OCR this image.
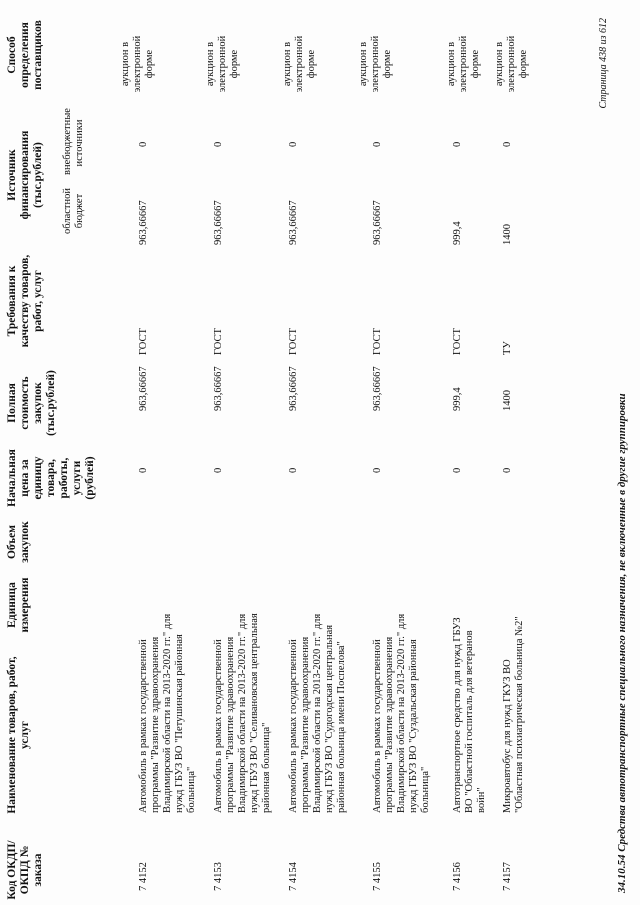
Код ОКДП/ ОКПД № заказа
Наименование товаров, работ, услуг
Единица измерения
Объем закупок
Начальная цена за единицу товара, работы, услуги (рублей)
Полная стоимость закупок (тыс.рублей)
Требования к качеству товаров, работ, услуг
Источник финансирования (тыс.рублей)
областной бюджет
внебюджетные источники
Способ определения поставщиков
7 4152
Автомобиль в рамках государственной программы "Развитие здравоохранения Владимирской области на 2013-2020 гг." для нужд ГБУЗ ВО "Петушинская районная больница"
0
963,66667
ГОСТ
963,66667
0
аукцион в электронной форме
7 4153
Автомобиль в рамках государственной программы "Развитие здравоохранения Владимирской области на 2013-2020 гг." для нужд ГБУЗ ВО "Селивановская центральная районная больница"
0
963,66667
ГОСТ
963,66667
0
аукцион в электронной форме
7 4154
Автомобиль в рамках государственной программы "Развитие здравоохранения Владимирской области на 2013-2020 гг." для нужд ГБУЗ ВО "Судогодская центральная районная больница имени Поспелова"
0
963,66667
ГОСТ
963,66667
0
аукцион в электронной форме
7 4155
Автомобиль в рамках государственной программы "Развитие здравоохранения Владимирской области на 2013-2020 гг." для нужд ГБУЗ ВО "Суздальская районная больница"
0
963,66667
ГОСТ
963,66667
0
аукцион в электронной форме
7 4156
Автотранспортное средство для нужд ГБУЗ ВО "Областной госпиталь для ветеранов войн"
0
999,4
ГОСТ
999,4
0
аукцион в электронной форме
7 4157
Микроавтобус для нужд ГКУЗ ВО "Областная психиатрическая больница №2"
0
1400
ТУ
1400
0
аукцион в электронной форме
34.10.54 Средства автотранспортные специального назначения, не включенные в другие группировки
Страница 438 из 612
